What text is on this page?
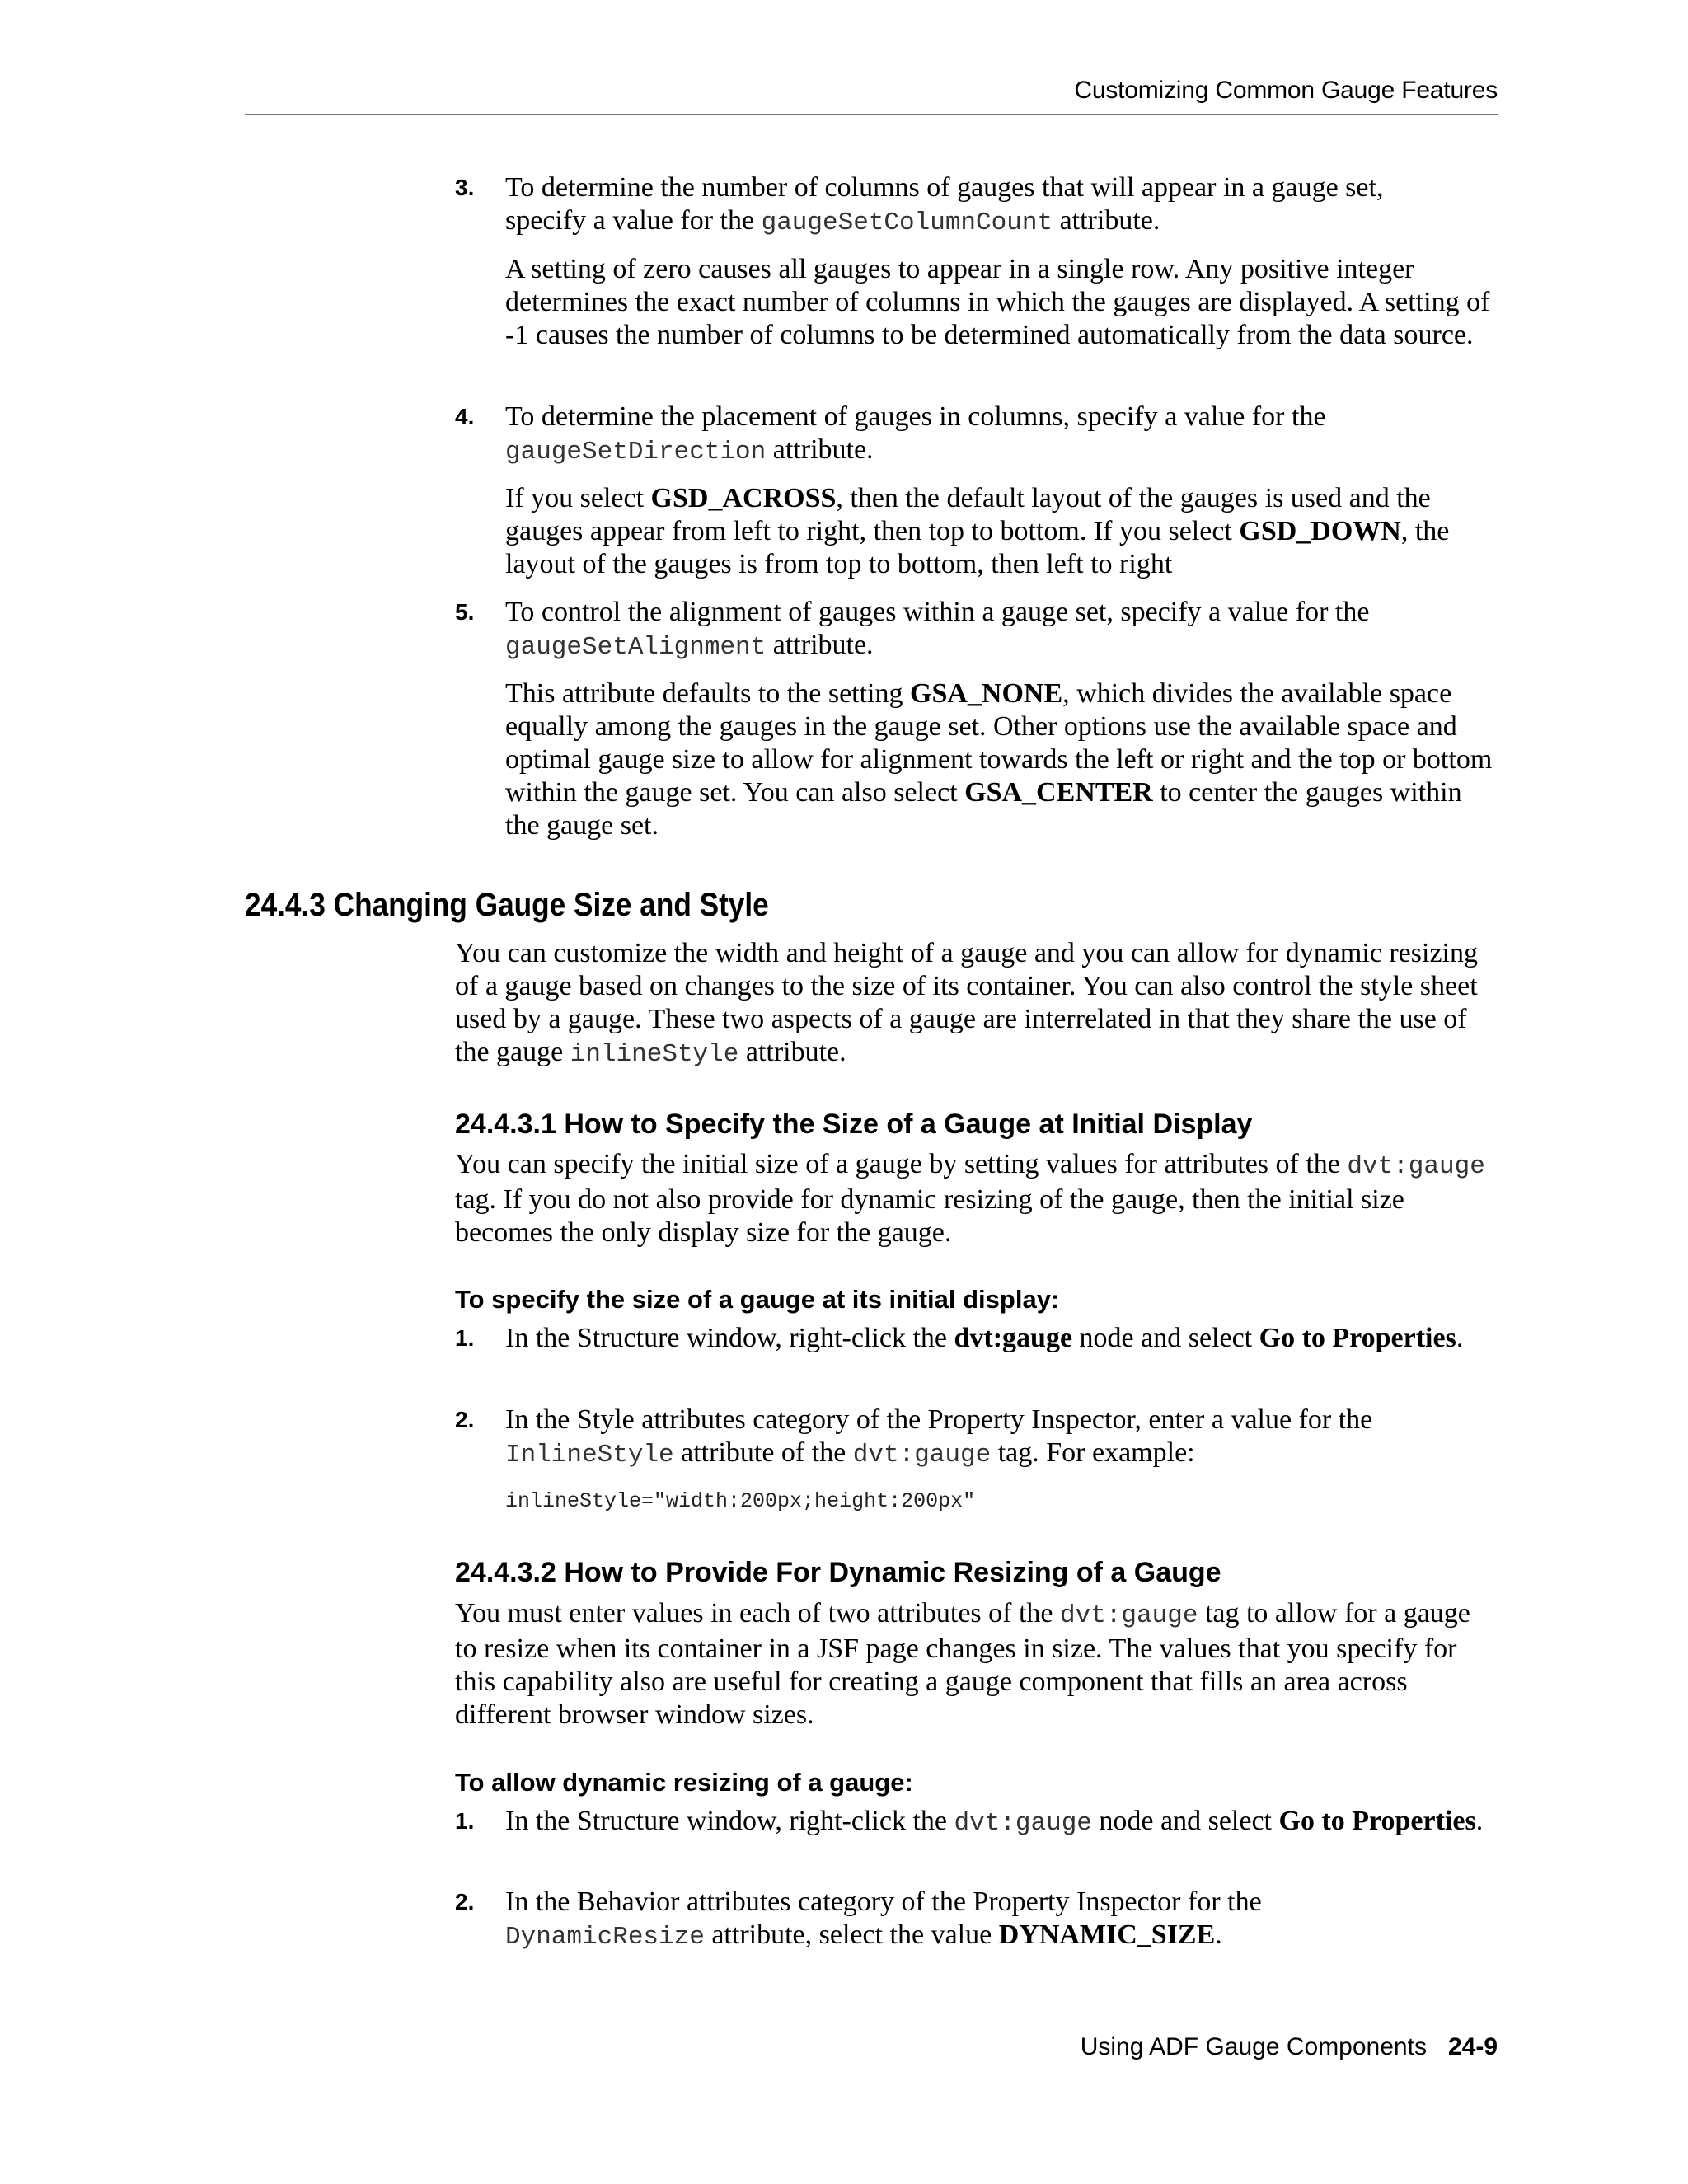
Customizing Common Gauge Features
3. To determine the number of columns of gauges that will appear in a gauge set,
specify a value for the gaugeSetColumnCount attribute.

A setting of zero causes all gauges to appear in a single row. Any positive integer determines the exact number of columns in which the gauges are displayed. A setting of -1 causes the number of columns to be determined automatically from the data source.

4. To determine the placement of gauges in columns, specify a value for the
gaugeSetDirection attribute.

If you select GSD_ACROSS, then the default layout of the gauges is used and the gauges appear from left to right, then top to bottom. If you select GSD_DOWN, the layout of the gauges is from top to bottom, then left to right

5. To control the alignment of gauges within a gauge set, specify a value for the
gaugeSetAlignment attribute.

This attribute defaults to the setting GSA_NONE, which divides the available space equally among the gauges in the gauge set. Other options use the available space and optimal gauge size to allow for alignment towards the left or right and the top or bottom within the gauge set. You can also select GSA_CENTER to center the gauges within the gauge set.

24.4.3 Changing Gauge Size and Style

You can customize the width and height of a gauge and you can allow for dynamic resizing of a gauge based on changes to the size of its container. You can also control the style sheet used by a gauge. These two aspects of a gauge are interrelated in that they share the use of the gauge inlineStyle attribute.

24.4.3.1 How to Specify the Size of a Gauge at Initial Display

You can specify the initial size of a gauge by setting values for attributes of the dvt:gauge tag. If you do not also provide for dynamic resizing of the gauge, then the initial size becomes the only display size for the gauge.

To specify the size of a gauge at its initial display:
1. In the Structure window, right-click the dvt:gauge node and select Go to Properties.

2. In the Style attributes category of the Property Inspector, enter a value for the
InlineStyle attribute of the dvt:gauge tag. For example:

inlineStyle="width:200px;height:200px"
24.4.3.2 How to Provide For Dynamic Resizing of a Gauge

You must enter values in each of two attributes of the dvt:gauge tag to allow for a gauge to resize when its container in a JSF page changes in size. The values that you specify for this capability also are useful for creating a gauge component that fills an area across different browser window sizes.

To allow dynamic resizing of a gauge:
1. In the Structure window, right-click the dvt:gauge node and select Go to Properties.

2. In the Behavior attributes category of the Property Inspector for the
DynamicResize attribute, select the value DYNAMIC_SIZE.

Using ADF Gauge Components 24-9
